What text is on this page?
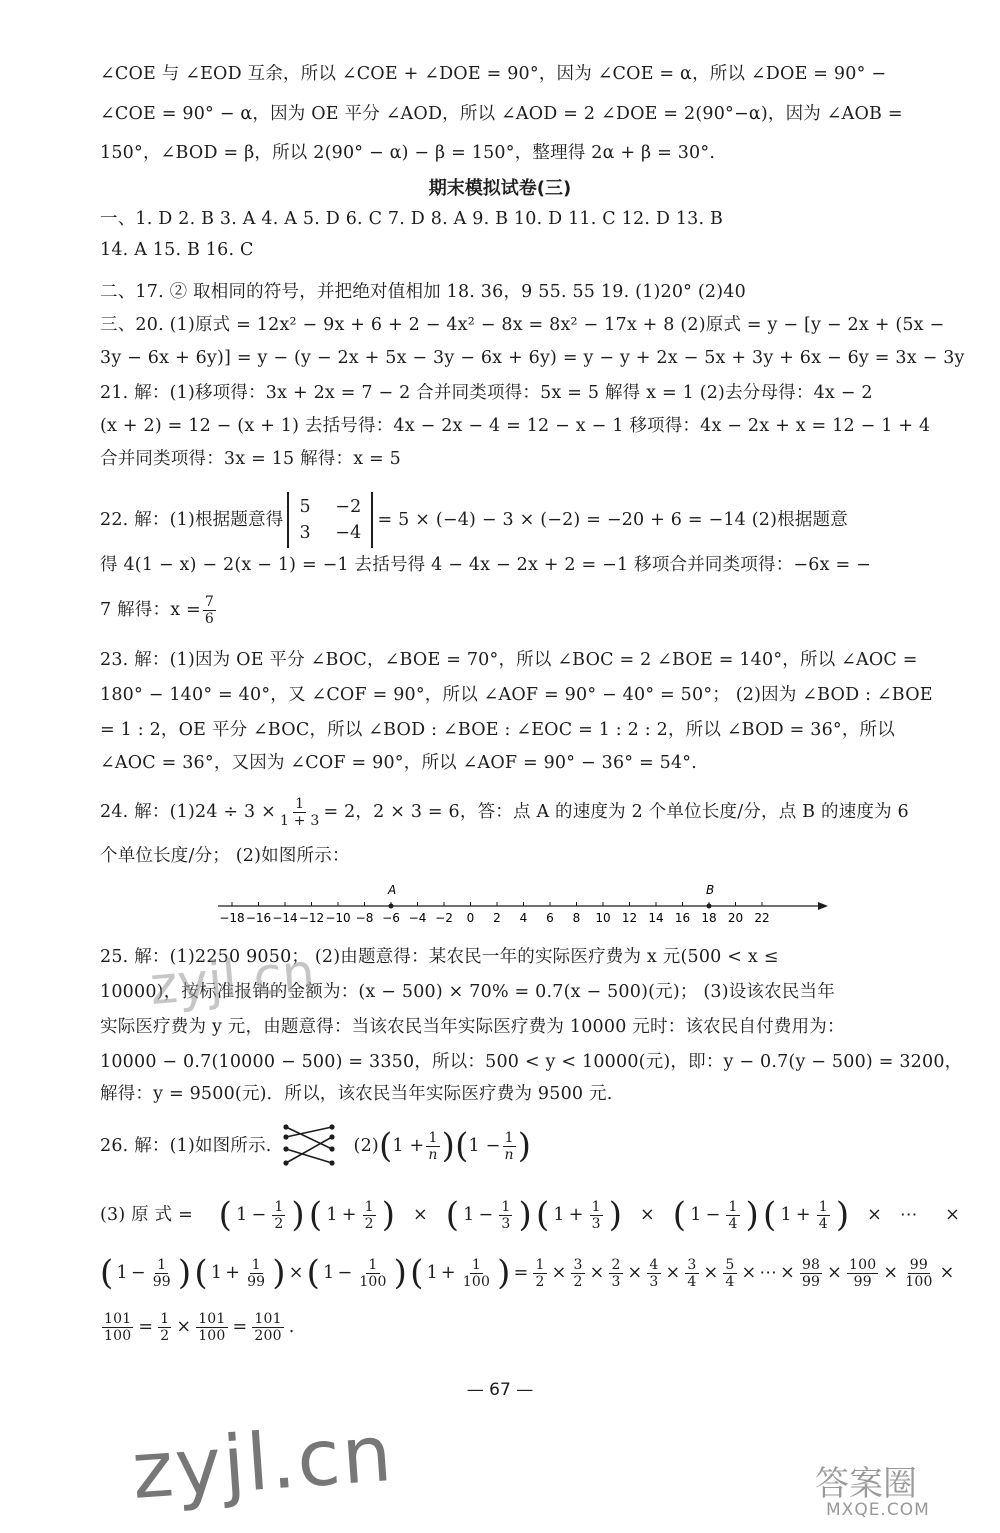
∠COE 与 ∠EOD 互余，所以 ∠COE + ∠DOE = 90°，因为 ∠COE = α，所以 ∠DOE = 90° −
∠COE = 90° − α，因为 OE 平分 ∠AOD，所以 ∠AOD = 2 ∠DOE = 2(90°−α)，因为 ∠AOB =
150°，∠BOD = β，所以 2(90° − α) − β = 150°，整理得 2α + β = 30°.
期末模拟试卷(三)
一、1. D 2. B 3. A 4. A 5. D 6. C 7. D 8. A 9. B 10. D 11. C 12. D 13. B
14. A 15. B 16. C
二、17. ② 取相同的符号，并把绝对值相加 18. 36，9 55. 55 19. (1)20° (2)40
三、20. (1)原式 = 12x² − 9x + 6 + 2 − 4x² − 8x = 8x² − 17x + 8 (2)原式 = y − [y − 2x + (5x −
3y − 6x + 6y)] = y − (y − 2x + 5x − 3y − 6x + 6y) = y − y + 2x − 5x + 3y + 6x − 6y = 3x − 3y
21. 解：(1)移项得：3x + 2x = 7 − 2 合并同类项得：5x = 5 解得 x = 1 (2)去分母得：4x − 2
(x + 2) = 12 − (x + 1) 去括号得：4x − 2x − 4 = 12 − x − 1 移项得：4x − 2x + x = 12 − 1 + 4
合并同类项得：3x = 15 解得：x = 5
22. 解：(1)根据题意得
5 −2
3 −4
= 5 × (−4) − 3 × (−2) = −20 + 6 = −14 (2)根据题意
得 4(1 − x) − 2(x − 1) = −1 去括号得 4 − 4x − 2x + 2 = −1 移项合并同类项得：−6x = −
7 解得：$x = \frac{7}{6}$
23. 解：(1)因为 OE 平分 ∠BOC，∠BOE = 70°，所以 ∠BOC = 2 ∠BOE = 140°，所以 ∠AOC =
180° − 140° = 40°，又 ∠COF = 90°，所以 ∠AOF = 90° − 40° = 50°； (2)因为 ∠BOD : ∠BOE
= 1 : 2，OE 平分 ∠BOC，所以 ∠BOD : ∠BOE : ∠EOC = 1 : 2 : 2，所以 ∠BOD = 36°，所以
∠AOC = 36°，又因为 ∠COF = 90°，所以 ∠AOF = 90° − 36° = 54°.
24. 解：$(1)24 \div 3 \times \frac{1}{1 + 3} = 2$，2 × 3 = 6，答：点 A 的速度为 2 个单位长度/分，点 B 的速度为 6
个单位长度/分； (2)如图所示：
−18 −16 −14 −12 −10 −8 −6 −4 −2 0 2 4 6 8 10 12 14 16 18 20 22
A	B
25. 解：(1)2250 9050； (2)由题意得：某农民一年的实际医疗费为 x 元(500 < x ≤
10000)，按标准报销的金额为：(x − 500) × 70% = 0.7(x − 500)(元)； (3)设该农民当年
实际医疗费为 y 元，由题意得：当该农民当年实际医疗费为 10000 元时：该农民自付费用为：
10000 − 0.7(10000 − 500) = 3350，所以：500 < y < 10000(元)，即：y − 0.7(y − 500) = 3200，
解得：y = 9500(元)．所以，该农民当年实际医疗费为 9500 元.
26. 解：(1)如图所示.	(2) ( 1
+ $\frac{1}{n}$ ) ( 1
− $\frac{1}{n}$ )
(3) 原 式 = ( $1 - \frac{1}{2}$ ) ( $1 + \frac{1}{2}$ ) × ( $1 - \frac{1}{3}$ ) ( $1 + \frac{1}{3}$ ) × ( $1 - \frac{1}{4}$ ) ( $1 + \frac{1}{4}$ ) × ⋯ ×
( $1 - \frac{1}{99}$ ) ( $1 + \frac{1}{99}$ ) × ( $1 - \frac{1}{100}$ ) ( $1 + \frac{1}{100}$ ) = $\frac{1}{2} \times \frac{3}{2} \times \frac{2}{3} \times \frac{4}{3} \times \frac{3}{4} \times \frac{5}{4}$ × ⋯ × $\frac{98}{99} \times \frac{100}{99} \times \frac{99}{100}$ ×
$\frac{101}{100} = \frac{1}{2} \times \frac{101}{100} = \frac{101}{200}$ .
— 67 —
zyjl.cn
zyjl.cn	答案圈
MXQE.COM
